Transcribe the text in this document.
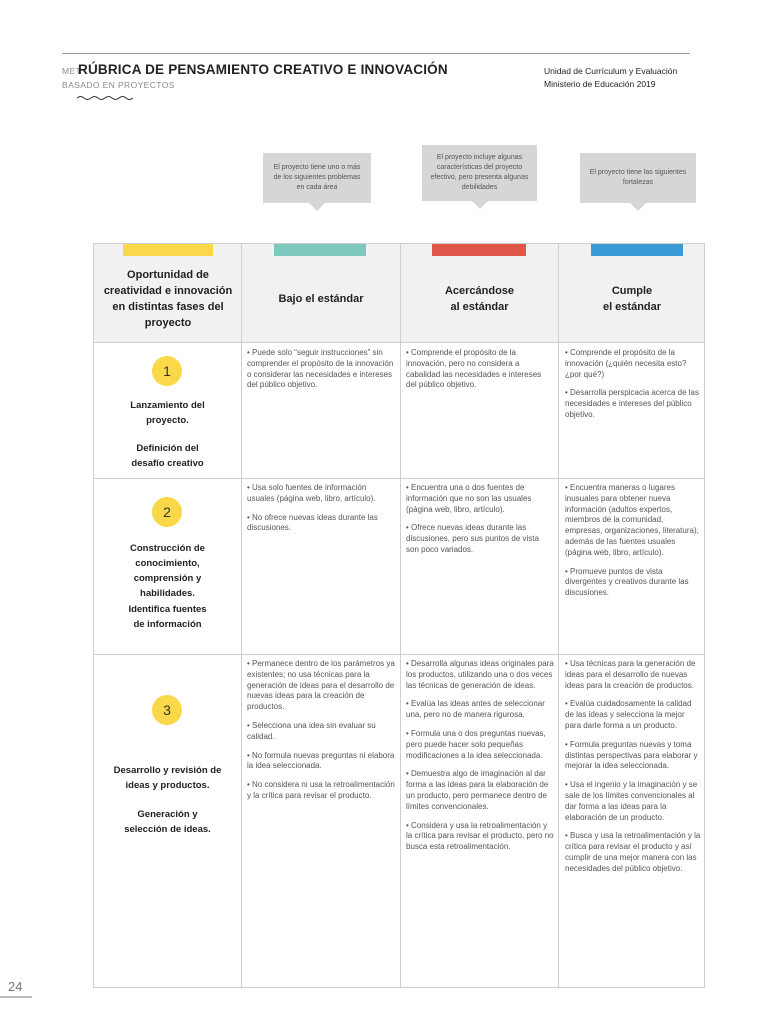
MET
BASADO EN PROYECTOS
RÚBRICA DE PENSAMIENTO CREATIVO E INNOVACIÓN	Unidad de Currículum y Evaluación
Ministerio de Educación 2019
El proyecto tiene uno o más de los siguientes problemas en cada área
El proyecto incluye algunas características del proyecto efectivo, pero presenta algunas debilidades
El proyecto tiene las siguientes fortalezas
Oportunidad de creatividad e innovación en distintas fases del proyecto
Bajo el estándar
Acercándose
al estándar
Cumple
el estándar
1
Lanzamiento del proyecto.
Definición del desafío creativo

• Puede solo “seguir instrucciones” sin comprender el propósito de la innovación o considerar las necesidades e intereses del público objetivo.

• Comprende el propósito de la innovación, pero no considera a cabalidad las necesidades e intereses del público objetivo.

• Comprende el propósito de la innovación (¿quién necesita esto? ¿por qué?)

• Desarrolla perspicacia acerca de las necesidades e intereses del público objetivo.

2
Construcción de conocimiento, comprensión y habilidades.
Identifica fuentes de información

• Usa solo fuentes de información usuales (página web, libro, artículo).

• No ofrece nuevas ideas durante las discusiones.

• Encuentra una o dos fuentes de información que no son las usuales (página web, libro, artículo).

• Ofrece nuevas ideas durante las discusiones, pero sus puntos de vista son poco variados.

• Encuentra maneras o lugares inusuales para obtener nueva información (adultos expertos, miembros de la comunidad, empresas, organizaciones, literatura), además de las fuentes usuales (página web, libro, artículo).

• Promueve puntos de vista divergentes y creativos durante las discusiones.

3
Desarrollo y revisión de ideas y productos.
Generación y selección de ideas.

• Permanece dentro de los parámetros ya existentes; no usa técnicas para la generación de ideas para el desarrollo de nuevas ideas para la creación de productos.

• Selecciona una idea sin evaluar su calidad.

• No formula nuevas preguntas ni elabora la idea seleccionada.

• No considera ni usa la retroalimentación y la crítica para revisar el producto.

• Desarrolla algunas ideas originales para los productos, utilizando una o dos veces las técnicas de generación de ideas.

• Evalúa las ideas antes de seleccionar una, pero no de manera rigurosa.

• Formula una o dos preguntas nuevas, pero puede hacer solo pequeñas modificaciones a la idea seleccionada.

• Demuestra algo de imaginación al dar forma a las ideas para la elaboración de un producto, pero permanece dentro de límites convencionales.

• Considera y usa la retroalimentación y la crítica para revisar el producto, pero no busca esta retroalimentación.

• Usa técnicas para la generación de ideas para el desarrollo de nuevas ideas para la creación de productos.

• Evalúa cuidadosamente la calidad de las ideas y selecciona la mejor para darle forma a un producto.

• Formula preguntas nuevas y toma distintas perspectivas para elaborar y mejorar la idea seleccionada.

• Usa el ingenio y la imaginación y se sale de los límites convencionales al dar forma a las ideas para la elaboración de un producto.

• Busca y usa la retroalimentación y la crítica para revisar el producto y así cumplir de una mejor manera con las necesidades del público objetivo.

24
